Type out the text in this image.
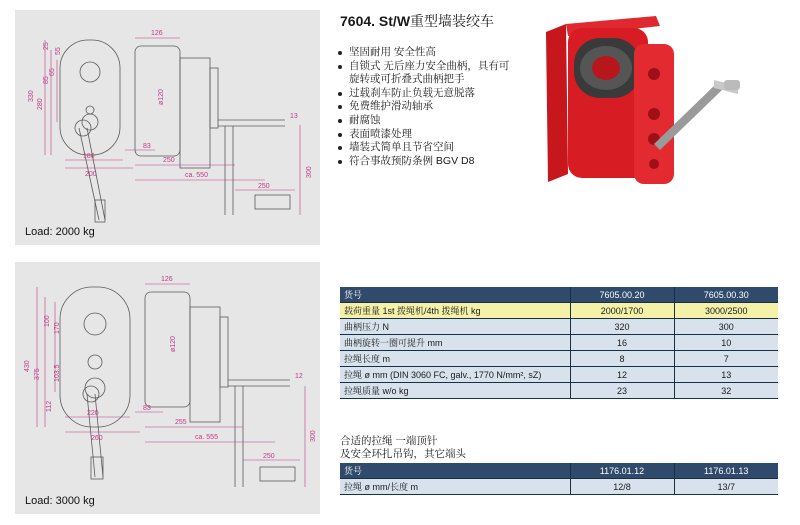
330
280
85
65
25
55
126
ø120
83
180
200
250
ca. 550
250
300
13
Load: 2000 kg
430
375
100
170
103.5
112
126
ø120
83
220
260
255
ca. 555
250
300
12
Load: 3000 kg
7604. St/W重型墙装绞车
坚固耐用 安全性高
自锁式 无后座力安全曲柄，具有可
旋转或可折叠式曲柄把手
过载刹车防止负载无意脱落
免费维护滑动轴承
耐腐蚀
表面喷漆处理
墙装式简单且节省空间
符合事故预防条例 BGV D8
货号	7605.00.20	7605.00.30
载荷重量 1st 拨绳机/4th 拨绳机 kg	2000/1700	3000/2500
曲柄压力 N	320	300
曲柄旋转一圈可提升 mm	16	10
拉绳长度 m	8	7
拉绳 ø mm (DIN 3060 FC, galv., 1770 N/mm², sZ)	12	13
拉绳质量 w/o kg	23	32
合适的拉绳 一端顶针
及安全环扎吊钩，其它端头
货号	1176.01.12	1176.01.13
拉绳 ø mm/长度 m	12/8	13/7
